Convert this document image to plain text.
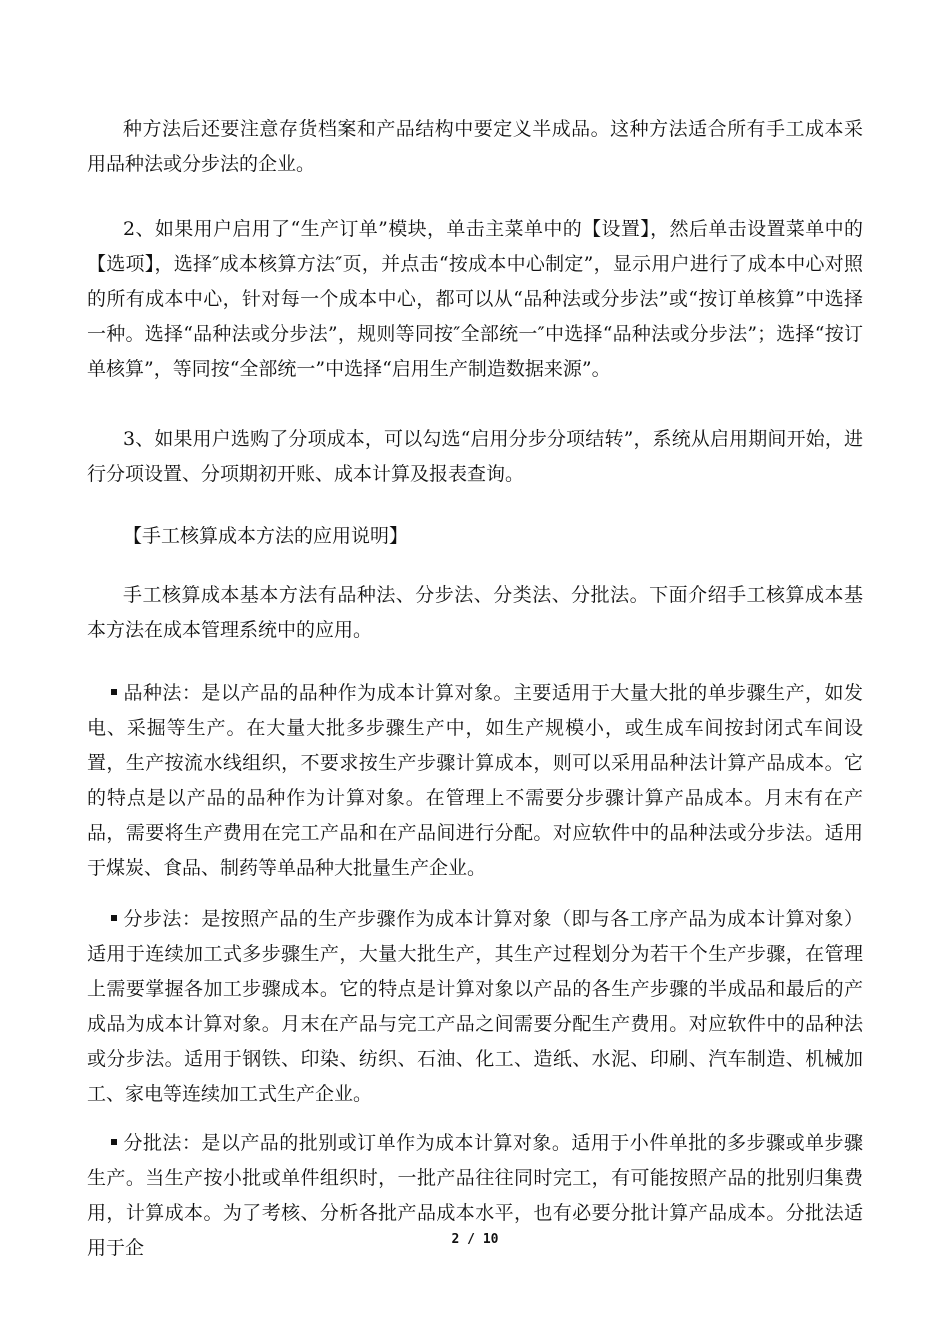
种方法后还要注意存货档案和产品结构中要定义半成品。这种方法适合所有手工成本采用品种法或分步法的企业。
2、如果用户启用了“生产订单”模块，单击主菜单中的【设置】，然后单击设置菜单中的【选项】，选择″成本核算方法″页，并点击“按成本中心制定”，显示用户进行了成本中心对照的所有成本中心，针对每一个成本中心，都可以从“品种法或分步法”或“按订单核算”中选择一种。选择“品种法或分步法”，规则等同按″全部统一″中选择“品种法或分步法”；选择“按订单核算”，等同按“全部统一”中选择“启用生产制造数据来源”。
3、如果用户选购了分项成本，可以勾选“启用分步分项结转”，系统从启用期间开始，进行分项设置、分项期初开账、成本计算及报表查询。
【手工核算成本方法的应用说明】
手工核算成本基本方法有品种法、分步法、分类法、分批法。下面介绍手工核算成本基本方法在成本管理系统中的应用。
品种法：是以产品的品种作为成本计算对象。主要适用于大量大批的单步骤生产，如发电、采掘等生产。在大量大批多步骤生产中，如生产规模小，或生成车间按封闭式车间设置，生产按流水线组织，不要求按生产步骤计算成本，则可以采用品种法计算产品成本。它的特点是以产品的品种作为计算对象。在管理上不需要分步骤计算产品成本。月末有在产品，需要将生产费用在完工产品和在产品间进行分配。对应软件中的品种法或分步法。适用于煤炭、食品、制药等单品种大批量生产企业。
分步法：是按照产品的生产步骤作为成本计算对象（即与各工序产品为成本计算对象）适用于连续加工式多步骤生产，大量大批生产，其生产过程划分为若干个生产步骤，在管理上需要掌握各加工步骤成本。它的特点是计算对象以产品的各生产步骤的半成品和最后的产成品为成本计算对象。月末在产品与完工产品之间需要分配生产费用。对应软件中的品种法或分步法。适用于钢铁、印染、纺织、石油、化工、造纸、水泥、印刷、汽车制造、机械加工、家电等连续加工式生产企业。
分批法：是以产品的批别或订单作为成本计算对象。适用于小件单批的多步骤或单步骤生产。当生产按小批或单件组织时，一批产品往往同时完工，有可能按照产品的批别归集费用，计算成本。为了考核、分析各批产品成本水平，也有必要分批计算产品成本。分批法适用于企	2 / 10
